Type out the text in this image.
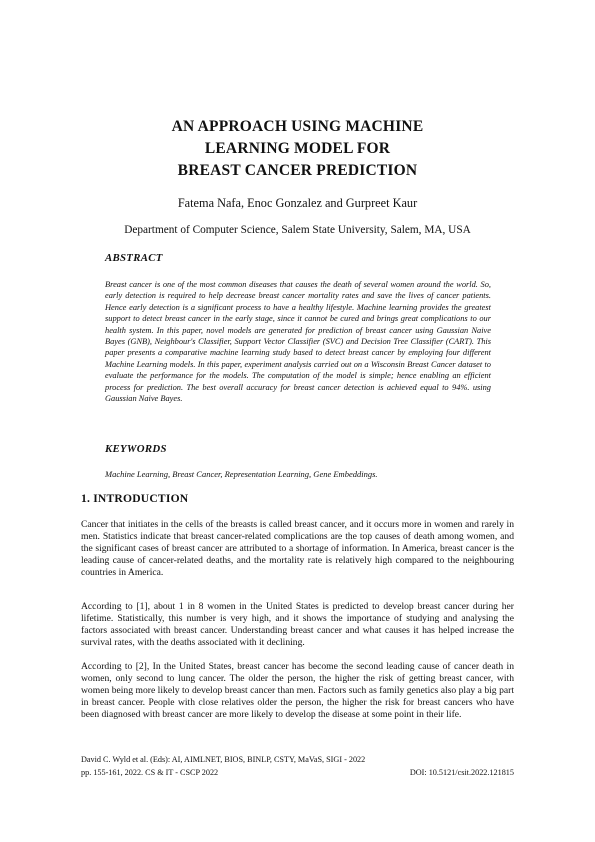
AN APPROACH USING MACHINE
LEARNING MODEL FOR
BREAST CANCER PREDICTION
Fatema Nafa, Enoc Gonzalez and Gurpreet Kaur
Department of Computer Science, Salem State University, Salem, MA, USA
ABSTRACT
Breast cancer is one of the most common diseases that causes the death of several women around the world. So, early detection is required to help decrease breast cancer mortality rates and save the lives of cancer patients. Hence early detection is a significant process to have a healthy lifestyle. Machine learning provides the greatest support to detect breast cancer in the early stage, since it cannot be cured and brings great complications to our health system. In this paper, novel models are generated for prediction of breast cancer using Gaussian Naive Bayes (GNB), Neighbour's Classifier, Support Vector Classifier (SVC) and Decision Tree Classifier (CART). This paper presents a comparative machine learning study based to detect breast cancer by employing four different Machine Learning models. In this paper, experiment analysis carried out on a Wisconsin Breast Cancer dataset to evaluate the performance for the models. The computation of the model is simple; hence enabling an efficient process for prediction. The best overall accuracy for breast cancer detection is achieved equal to 94%. using Gaussian Naive Bayes.
KEYWORDS
Machine Learning, Breast Cancer, Representation Learning, Gene Embeddings.
1. INTRODUCTION
Cancer that initiates in the cells of the breasts is called breast cancer, and it occurs more in women and rarely in men. Statistics indicate that breast cancer-related complications are the top causes of death among women, and the significant cases of breast cancer are attributed to a shortage of information. In America, breast cancer is the leading cause of cancer-related deaths, and the mortality rate is relatively high compared to the neighbouring countries in America.
According to [1], about 1 in 8 women in the United States is predicted to develop breast cancer during her lifetime. Statistically, this number is very high, and it shows the importance of studying and analysing the factors associated with breast cancer. Understanding breast cancer and what causes it has helped increase the survival rates, with the deaths associated with it declining.
According to [2], In the United States, breast cancer has become the second leading cause of cancer death in women, only second to lung cancer. The older the person, the higher the risk of getting breast cancer, with women being more likely to develop breast cancer than men. Factors such as family genetics also play a big part in breast cancer. People with close relatives older the person, the higher the risk for breast cancers who have been diagnosed with breast cancer are more likely to develop the disease at some point in their life.
David C. Wyld et al. (Eds): AI, AIMLNET, BIOS, BINLP, CSTY, MaVaS, SIGI - 2022
pp. 155-161, 2022. CS & IT - CSCP 2022	DOI: 10.5121/csit.2022.121815
